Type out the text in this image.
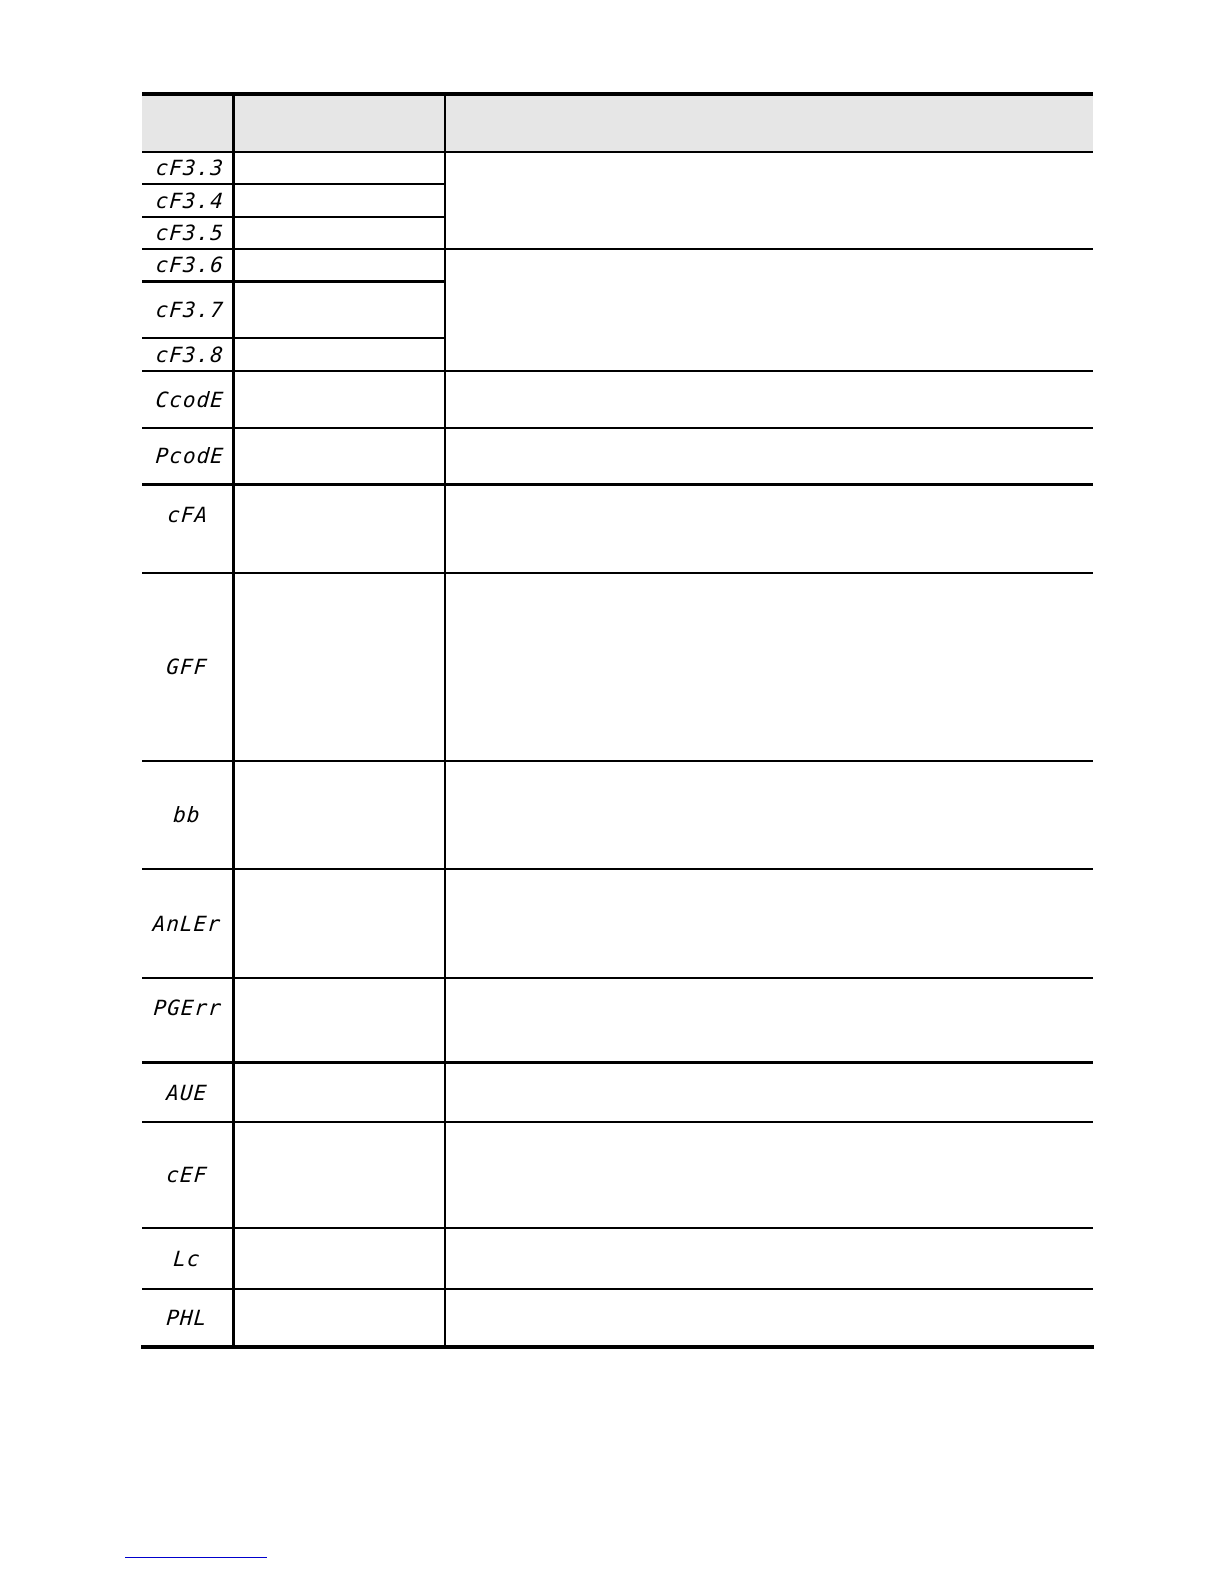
cF3.3
cF3.4
cF3.5
cF3.6
cF3.7
cF3.8
CcodE
PcodE
cFA
GFF
bb
AnLEr
PGErr
AUE
cEF
Lc
PHL
